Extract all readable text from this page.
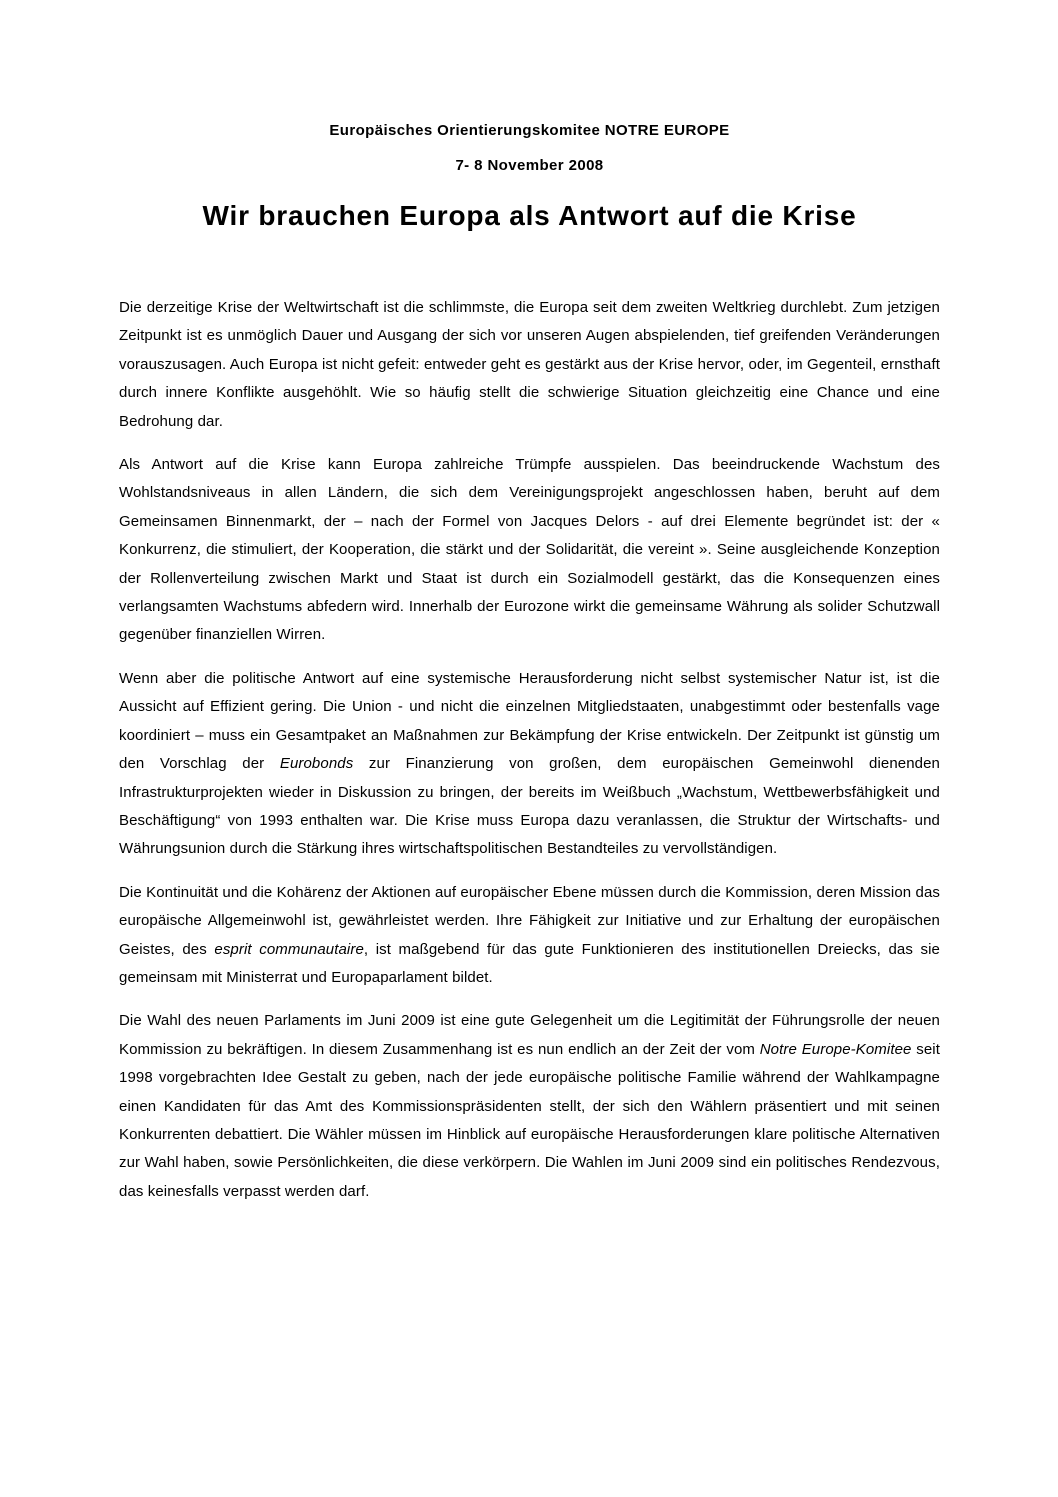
Europäisches Orientierungskomitee NOTRE EUROPE
7- 8 November 2008
Wir brauchen Europa als Antwort auf die Krise

Die derzeitige Krise der Weltwirtschaft ist die schlimmste, die Europa seit dem zweiten Weltkrieg durchlebt. Zum jetzigen Zeitpunkt ist es unmöglich Dauer und Ausgang der sich vor unseren Augen abspielenden, tief greifenden Veränderungen vorauszusagen. Auch Europa ist nicht gefeit: entweder geht es gestärkt aus der Krise hervor, oder, im Gegenteil, ernsthaft durch innere Konflikte ausgehöhlt. Wie so häufig stellt die schwierige Situation gleichzeitig eine Chance und eine Bedrohung dar.

Als Antwort auf die Krise kann Europa zahlreiche Trümpfe ausspielen. Das beeindruckende Wachstum des Wohlstandsniveaus in allen Ländern, die sich dem Vereinigungsprojekt angeschlossen haben, beruht auf dem Gemeinsamen Binnenmarkt, der – nach der Formel von Jacques Delors - auf drei Elemente begründet ist: der « Konkurrenz, die stimuliert, der Kooperation, die stärkt und der Solidarität, die vereint ». Seine ausgleichende Konzeption der Rollenverteilung zwischen Markt und Staat ist durch ein Sozialmodell gestärkt, das die Konsequenzen eines verlangsamten Wachstums abfedern wird. Innerhalb der Eurozone wirkt die gemeinsame Währung als solider Schutzwall gegenüber finanziellen Wirren.

Wenn aber die politische Antwort auf eine systemische Herausforderung nicht selbst systemischer Natur ist, ist die Aussicht auf Effizient gering. Die Union - und nicht die einzelnen Mitgliedstaaten, unabgestimmt oder bestenfalls vage koordiniert – muss ein Gesamtpaket an Maßnahmen zur Bekämpfung der Krise entwickeln. Der Zeitpunkt ist günstig um den Vorschlag der Eurobonds zur Finanzierung von großen, dem europäischen Gemeinwohl dienenden Infrastrukturprojekten wieder in Diskussion zu bringen, der bereits im Weißbuch „Wachstum, Wettbewerbsfähigkeit und Beschäftigung“ von 1993 enthalten war. Die Krise muss Europa dazu veranlassen, die Struktur der Wirtschafts- und Währungsunion durch die Stärkung ihres wirtschaftspolitischen Bestandteiles zu vervollständigen.

Die Kontinuität und die Kohärenz der Aktionen auf europäischer Ebene müssen durch die Kommission, deren Mission das europäische Allgemeinwohl ist, gewährleistet werden. Ihre Fähigkeit zur Initiative und zur Erhaltung der europäischen Geistes, des esprit communautaire, ist maßgebend für das gute Funktionieren des institutionellen Dreiecks, das sie gemeinsam mit Ministerrat und Europaparlament bildet.

Die Wahl des neuen Parlaments im Juni 2009 ist eine gute Gelegenheit um die Legitimität der Führungsrolle der neuen Kommission zu bekräftigen. In diesem Zusammenhang ist es nun endlich an der Zeit der vom Notre Europe-Komitee seit 1998 vorgebrachten Idee Gestalt zu geben, nach der jede europäische politische Familie während der Wahlkampagne einen Kandidaten für das Amt des Kommissionspräsidenten stellt, der sich den Wählern präsentiert und mit seinen Konkurrenten debattiert. Die Wähler müssen im Hinblick auf europäische Herausforderungen klare politische Alternativen zur Wahl haben, sowie Persönlichkeiten, die diese verkörpern. Die Wahlen im Juni 2009 sind ein politisches Rendezvous, das keinesfalls verpasst werden darf.
